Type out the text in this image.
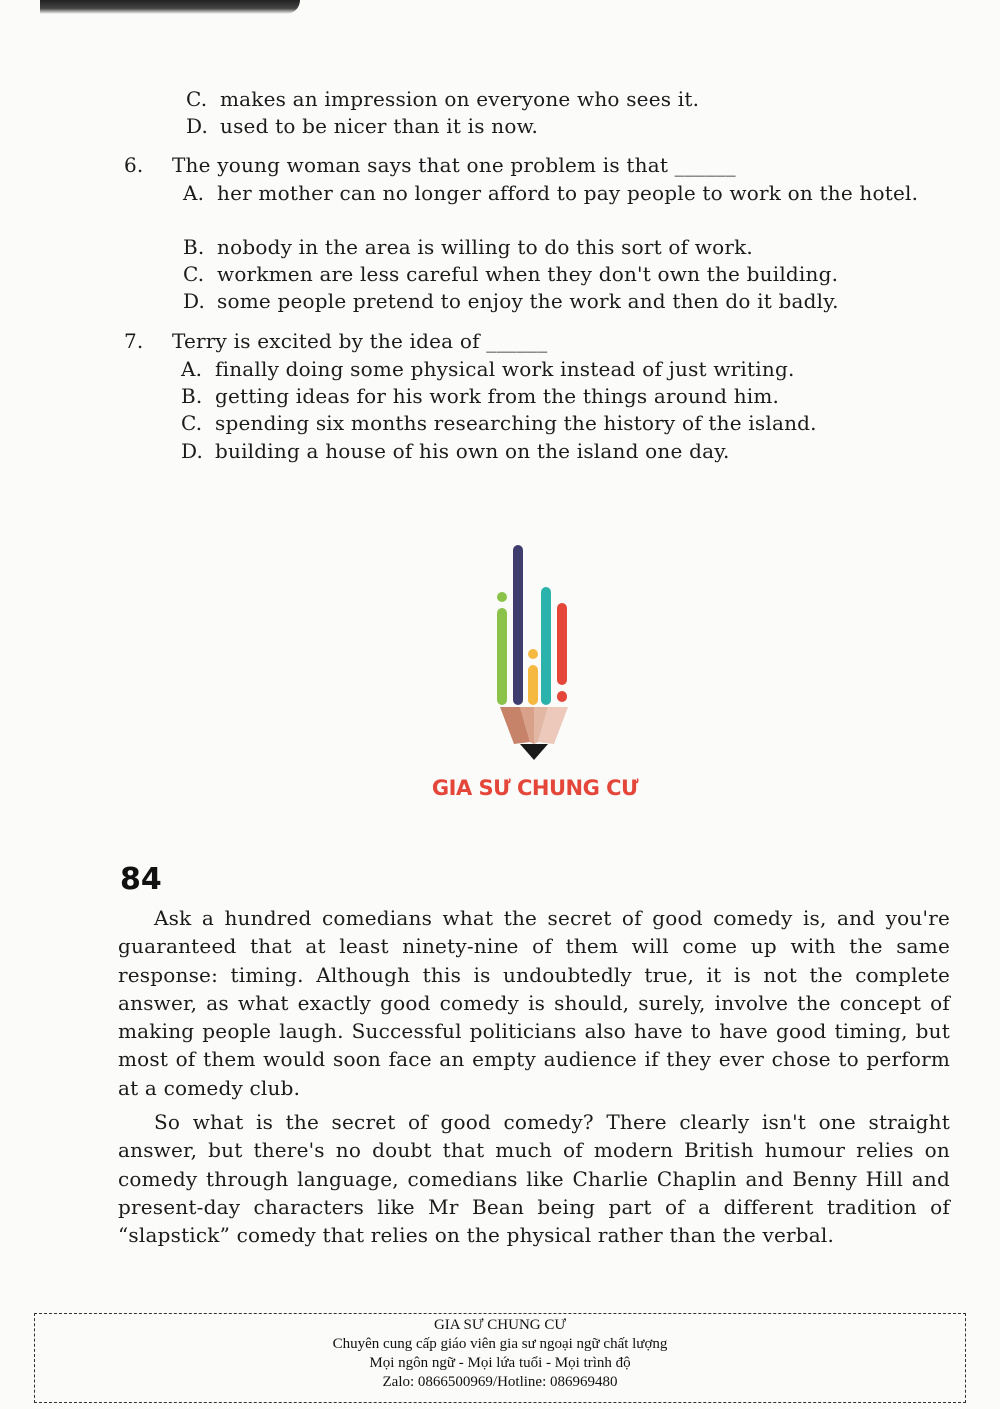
C. makes an impression on everyone who sees it.
D. used to be nicer than it is now.
6. The young woman says that one problem is that ______
A. her mother can no longer afford to pay people to work on the hotel.
B. nobody in the area is willing to do this sort of work.
C. workmen are less careful when they don't own the building.
D. some people pretend to enjoy the work and then do it badly.
7. Terry is excited by the idea of ______
A. finally doing some physical work instead of just writing.
B. getting ideas for his work from the things around him.
C. spending six months researching the history of the island.
D. building a house of his own on the island one day.
GIA SƯ CHUNG CƯ
84

Ask a hundred comedians what the secret of good comedy is, and you're guaranteed that at least ninety-nine of them will come up with the same response: timing. Although this is undoubtedly true, it is not the complete answer, as what exactly good comedy is should, surely, involve the concept of making people laugh. Successful politicians also have to have good timing, but most of them would soon face an empty audience if they ever chose to perform at a comedy club.

So what is the secret of good comedy? There clearly isn't one straight answer, but there's no doubt that much of modern British humour relies on comedy through language, comedians like Charlie Chaplin and Benny Hill and present-day characters like Mr Bean being part of a different tradition of “slapstick” comedy that relies on the physical rather than the verbal.

GIA SƯ CHUNG CƯ
Chuyên cung cấp giáo viên gia sư ngoại ngữ chất lượng
Mọi ngôn ngữ - Mọi lứa tuổi - Mọi trình độ
Zalo: 0866500969/Hotline: 086969480
